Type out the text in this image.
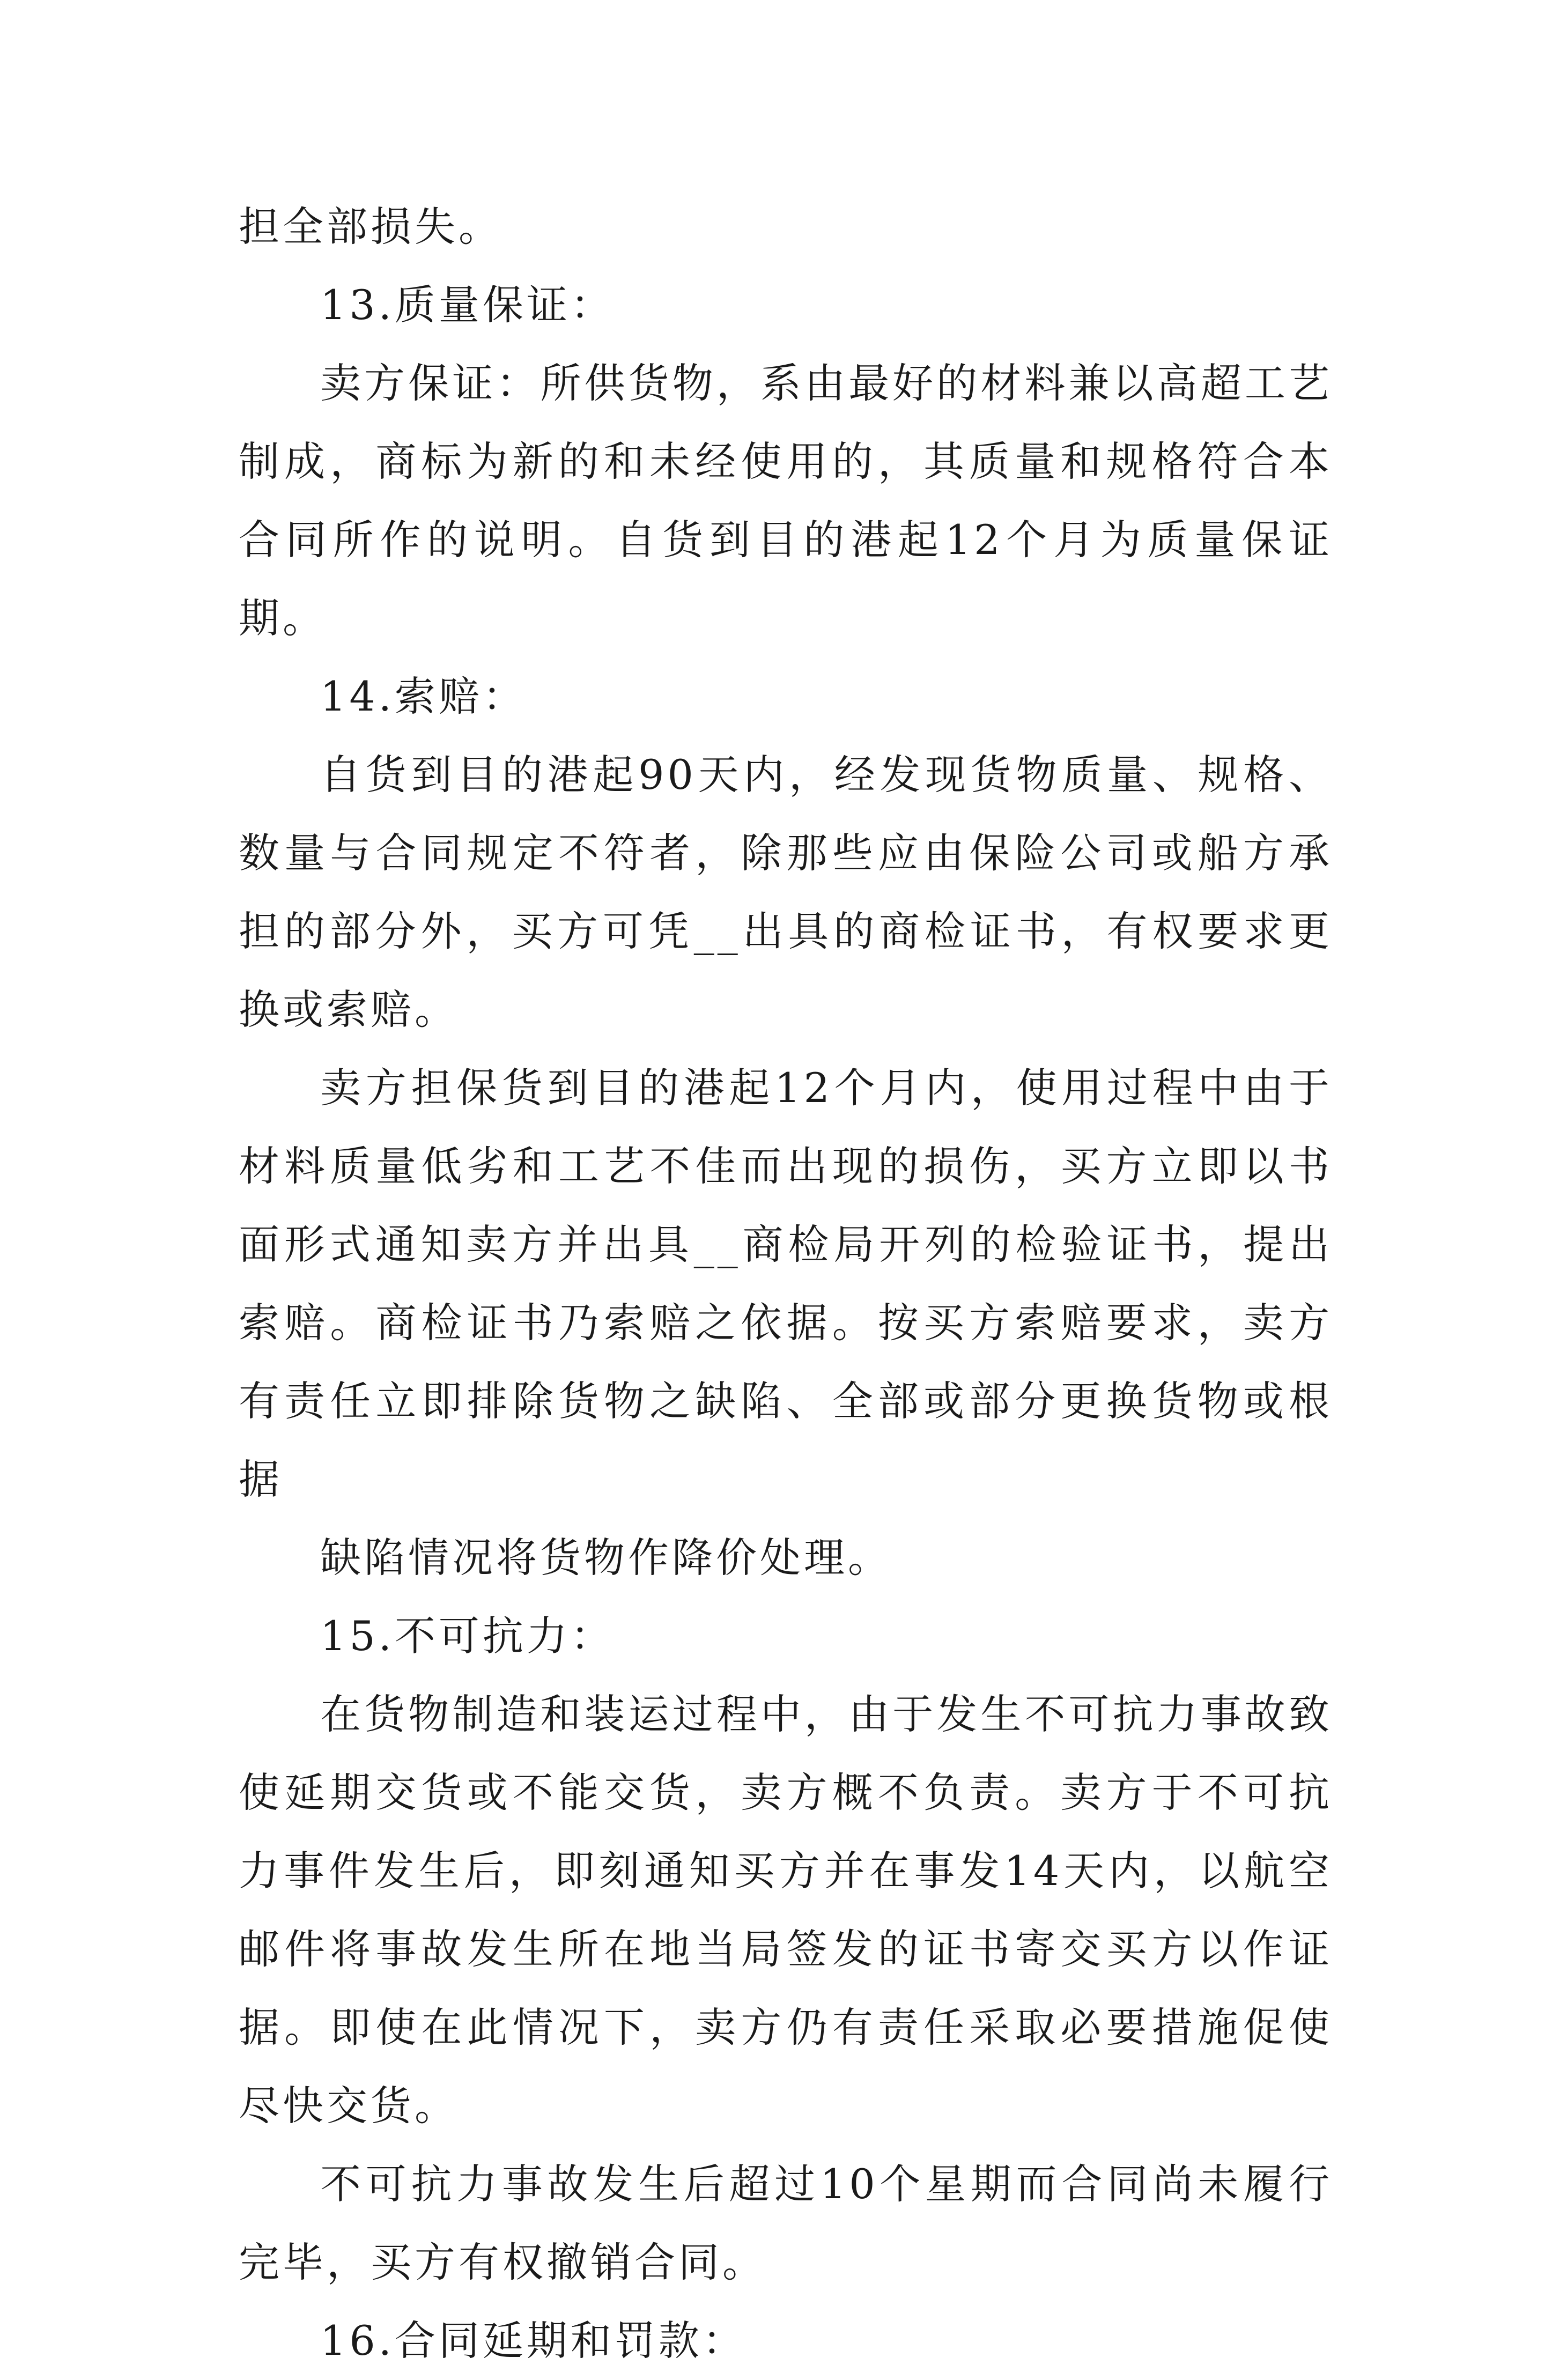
担全部损失。

13.质量保证：

卖方保证：所供货物，系由最好的材料兼以高超工艺制成，商标为新的和未经使用的，其质量和规格符合本合同所作的说明。自货到目的港起12个月为质量保证期。

14.索赔：

自货到目的港起90天内，经发现货物质量、规格、数量与合同规定不符者，除那些应由保险公司或船方承担的部分外，买方可凭__出具的商检证书，有权要求更换或索赔。

卖方担保货到目的港起12个月内，使用过程中由于材料质量低劣和工艺不佳而出现的损伤，买方立即以书面形式通知卖方并出具__商检局开列的检验证书，提出索赔。商检证书乃索赔之依据。按买方索赔要求，卖方有责任立即排除货物之缺陷、全部或部分更换货物或根据

缺陷情况将货物作降价处理。

15.不可抗力：

在货物制造和装运过程中，由于发生不可抗力事故致使延期交货或不能交货，卖方概不负责。卖方于不可抗力事件发生后，即刻通知买方并在事发14天内，以航空邮件将事故发生所在地当局签发的证书寄交买方以作证据。即使在此情况下，卖方仍有责任采取必要措施促使尽快交货。

不可抗力事故发生后超过10个星期而合同尚未履行完毕，买方有权撤销合同。

16.合同延期和罚款：
